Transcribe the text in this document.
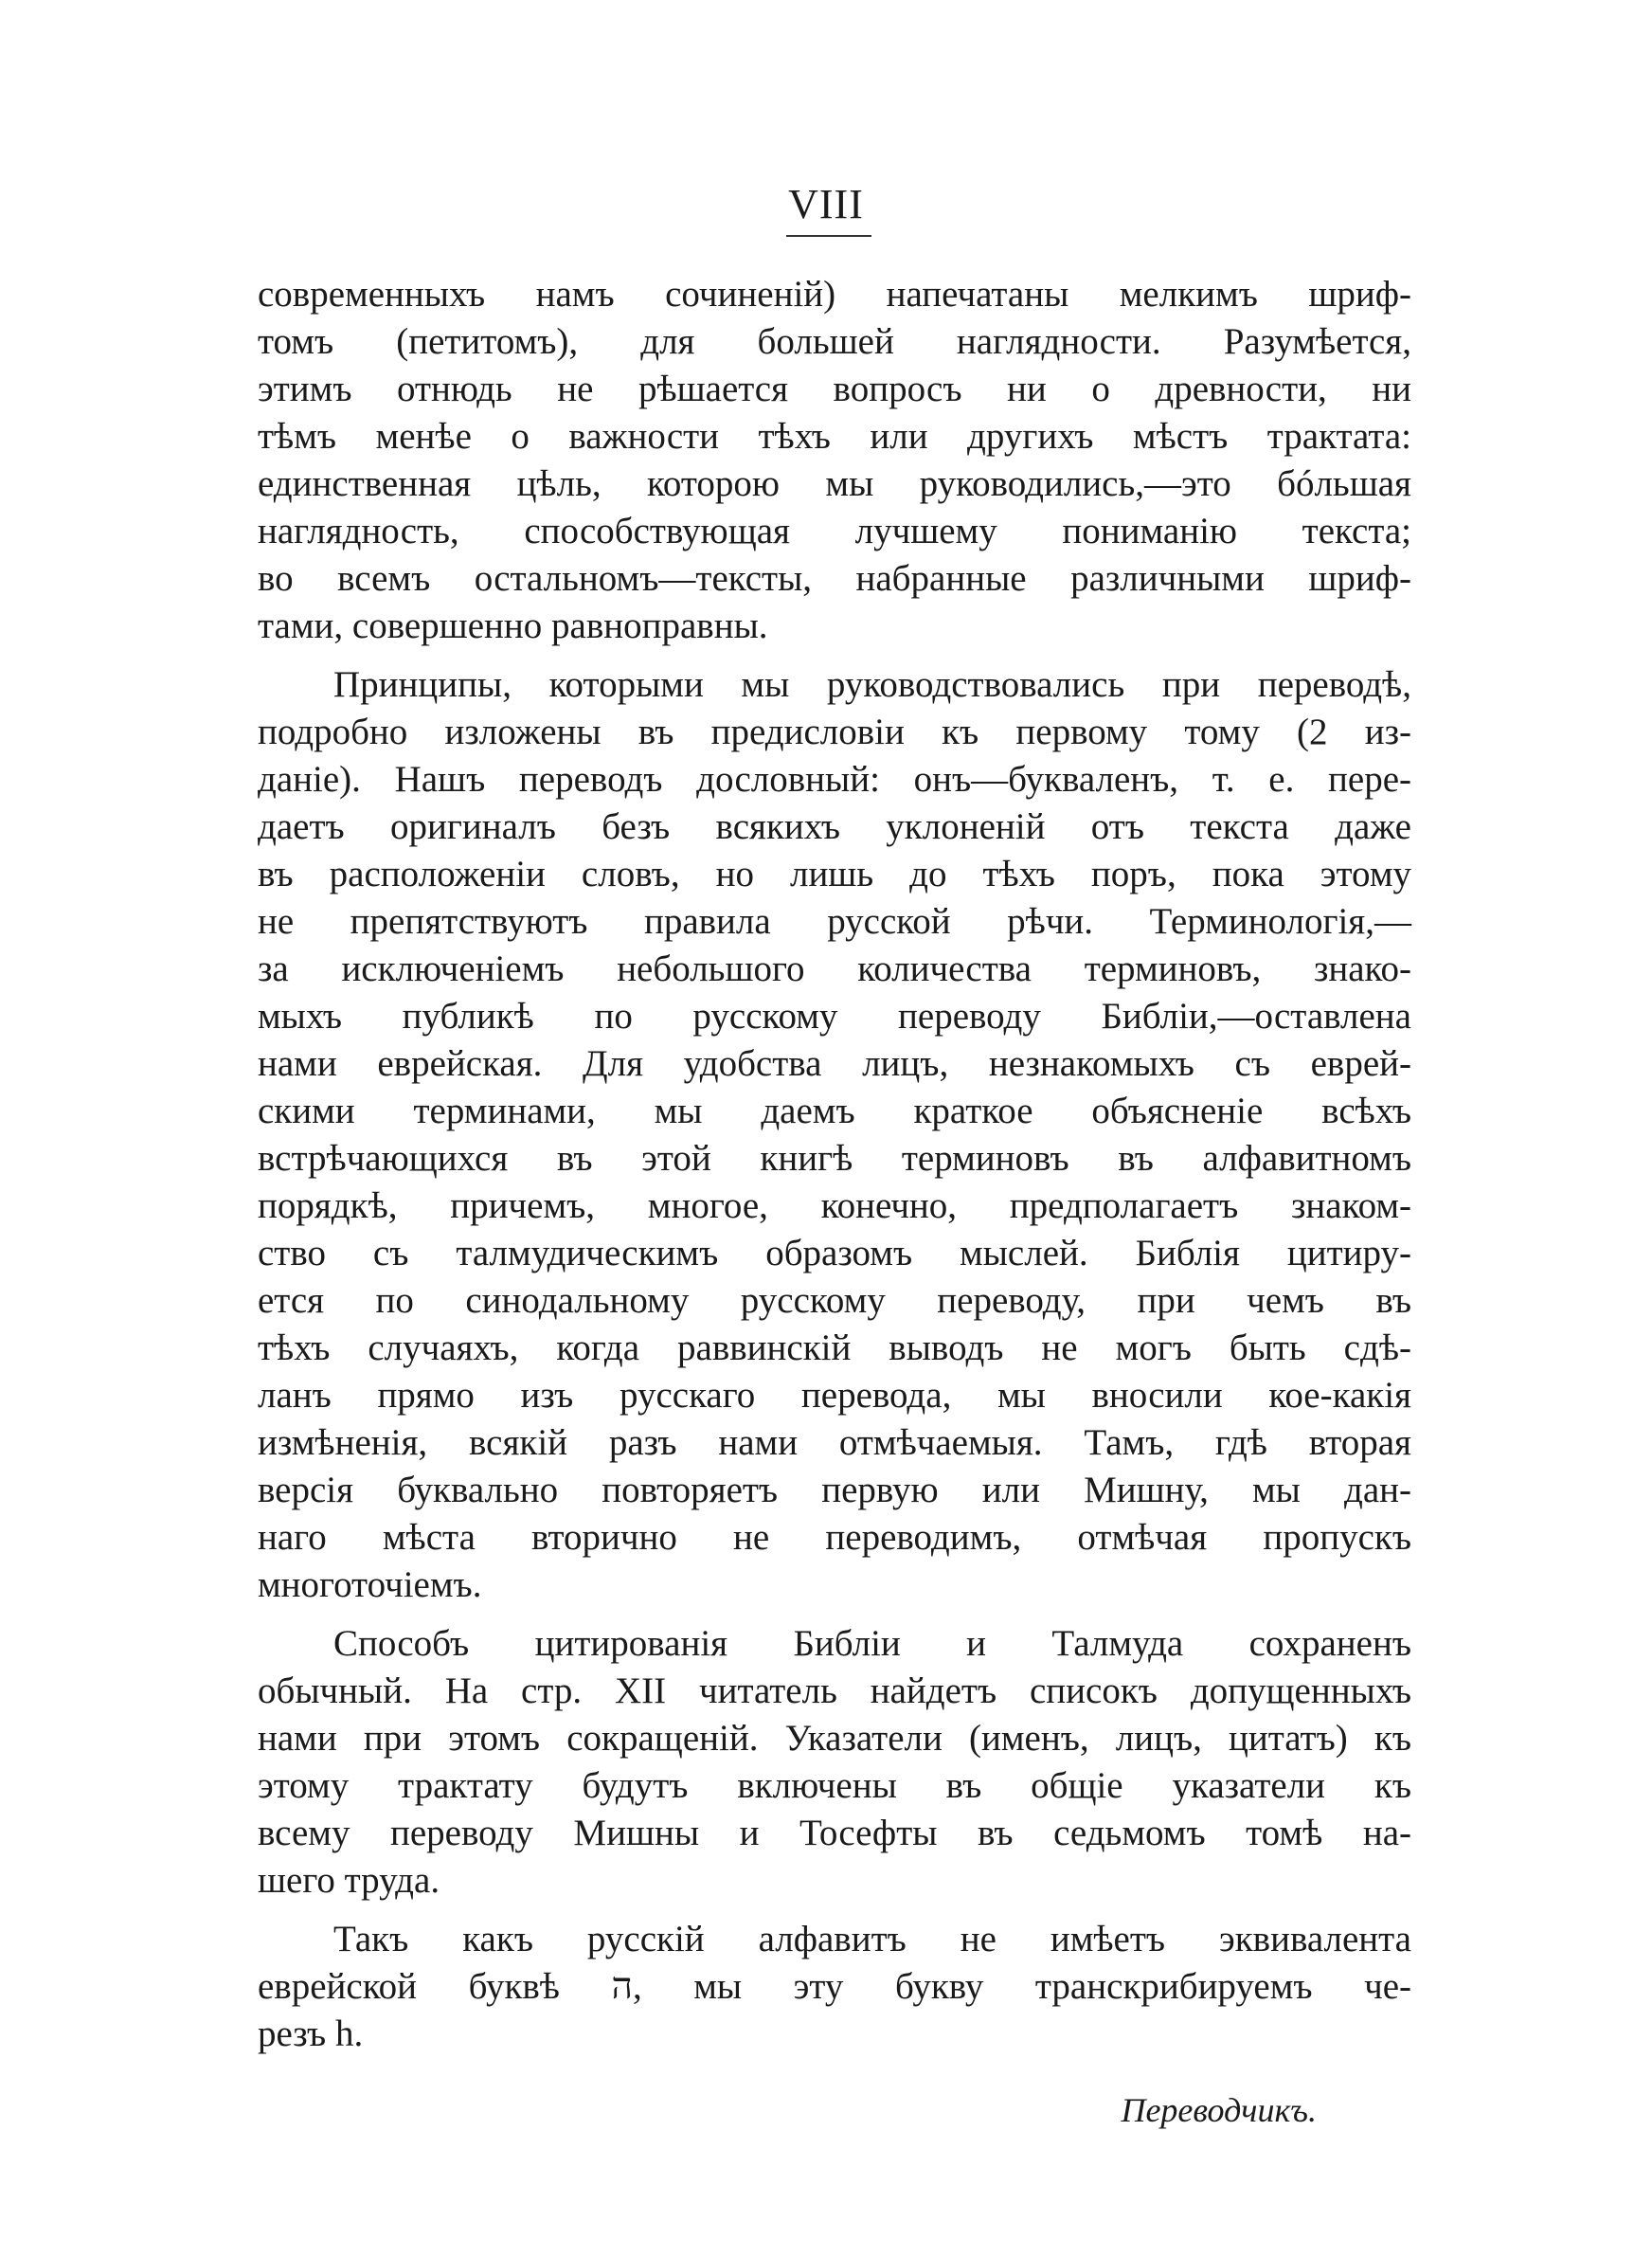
VIII
современныхъ намъ сочиненій) напечатаны мелкимъ шриф-
томъ (петитомъ), для большей наглядности. Разумѣется,
этимъ отнюдь не рѣшается вопросъ ни о древности, ни
тѣмъ менѣе о важности тѣхъ или другихъ мѣстъ трактата:
единственная цѣль, которою мы руководились,—это бóльшая
наглядность, способствующая лучшему пониманію текста;
во всемъ остальномъ—тексты, набранные различными шриф-
тами, совершенно равноправны.
Принципы, которыми мы руководствовались при переводѣ,
подробно изложены въ предисловіи къ первому тому (2 из-
даніе). Нашъ переводъ дословный: онъ—букваленъ, т. е. пере-
даетъ оригиналъ безъ всякихъ уклоненій отъ текста даже
въ расположеніи словъ, но лишь до тѣхъ поръ, пока этому
не препятствуютъ правила русской рѣчи. Терминологія,—
за исключеніемъ небольшого количества терминовъ, знако-
мыхъ публикѣ по русскому переводу Библіи,—оставлена
нами еврейская. Для удобства лицъ, незнакомыхъ съ еврей-
скими терминами, мы даемъ краткое объясненіе всѣхъ
встрѣчающихся въ этой книгѣ терминовъ въ алфавитномъ
порядкѣ, причемъ, многое, конечно, предполагаетъ знаком-
ство съ талмудическимъ образомъ мыслей. Библія цитиру-
ется по синодальному русскому переводу, при чемъ въ
тѣхъ случаяхъ, когда раввинскій выводъ не могъ быть сдѣ-
ланъ прямо изъ русскаго перевода, мы вносили кое-какія
измѣненія, всякій разъ нами отмѣчаемыя. Тамъ, гдѣ вторая
версія буквально повторяетъ первую или Мишну, мы дан-
наго мѣста вторично не переводимъ, отмѣчая пропускъ
многоточіемъ.
Способъ цитированія Библіи и Талмуда сохраненъ
обычный. На стр. XII читатель найдетъ списокъ допущенныхъ
нами при этомъ сокращеній. Указатели (именъ, лицъ, цитатъ) къ
этому трактату будутъ включены въ общіе указатели къ
всему переводу Мишны и Тосефты въ седьмомъ томѣ на-
шего труда.
Такъ какъ русскій алфавитъ не имѣетъ эквивалента
еврейской буквѣ ה, мы эту букву транскрибируемъ че-
резъ h.
Переводчикъ.
